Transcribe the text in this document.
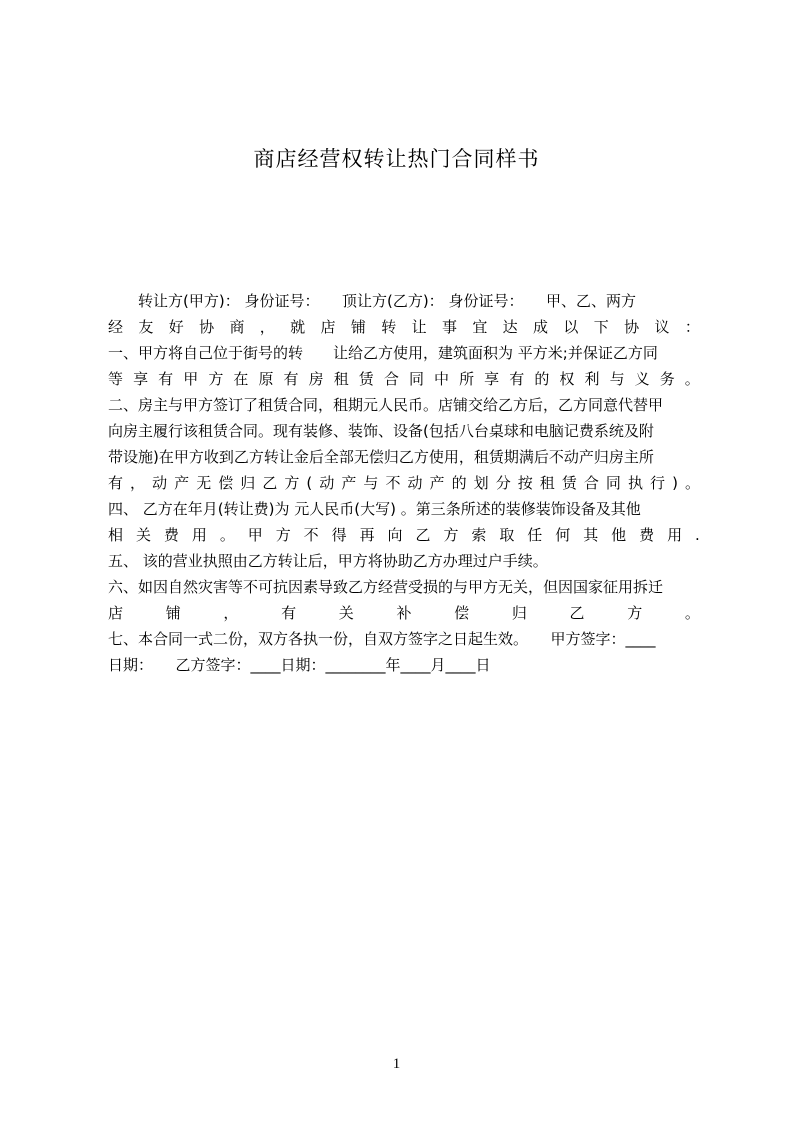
商店经营权转让热门合同样书
　　转让方(甲方)： 身份证号：　　顶让方(乙方)： 身份证号：　　甲、乙、两方
经 友 好 协 商 ， 就 店 铺 转 让 事 宜 达 成 以 下 协 议 ：
一、甲方将自己位于街号的转　　让给乙方使用，建筑面积为 平方米;并保证乙方同
等 享 有 甲 方 在 原 有 房 租 赁 合 同 中 所 享 有 的 权 利 与 义 务 。
二、房主与甲方签订了租赁合同，租期元人民币。店铺交给乙方后，乙方同意代替甲
向房主履行该租赁合同。现有装修、装饰、设备(包括八台桌球和电脑记费系统及附
带设施)在甲方收到乙方转让金后全部无偿归乙方使用，租赁期满后不动产归房主所
有 ， 动 产 无 偿 归 乙 方 ( 动 产 与 不 动 产 的 划 分 按 租 赁 合 同 执 行 ) 。
四、 乙方在年月(转让费)为 元人民币(大写) 。第三条所述的装修装饰设备及其他
相 关 费 用 。 甲 方 不 得 再 向 乙 方 索 取 任 何 其 他 费 用 .
五、 该的营业执照由乙方转让后，甲方将协助乙方办理过户手续。
六、如因自然灾害等不可抗因素导致乙方经营受损的与甲方无关，但因国家征用拆迁
店	铺	，	有	关	补	偿	归	乙	方	。
七、本合同一式二份，双方各执一份，自双方签字之日起生效。　　甲方签字：____
日期：　　乙方签字：____日期：________年____月____日
1
